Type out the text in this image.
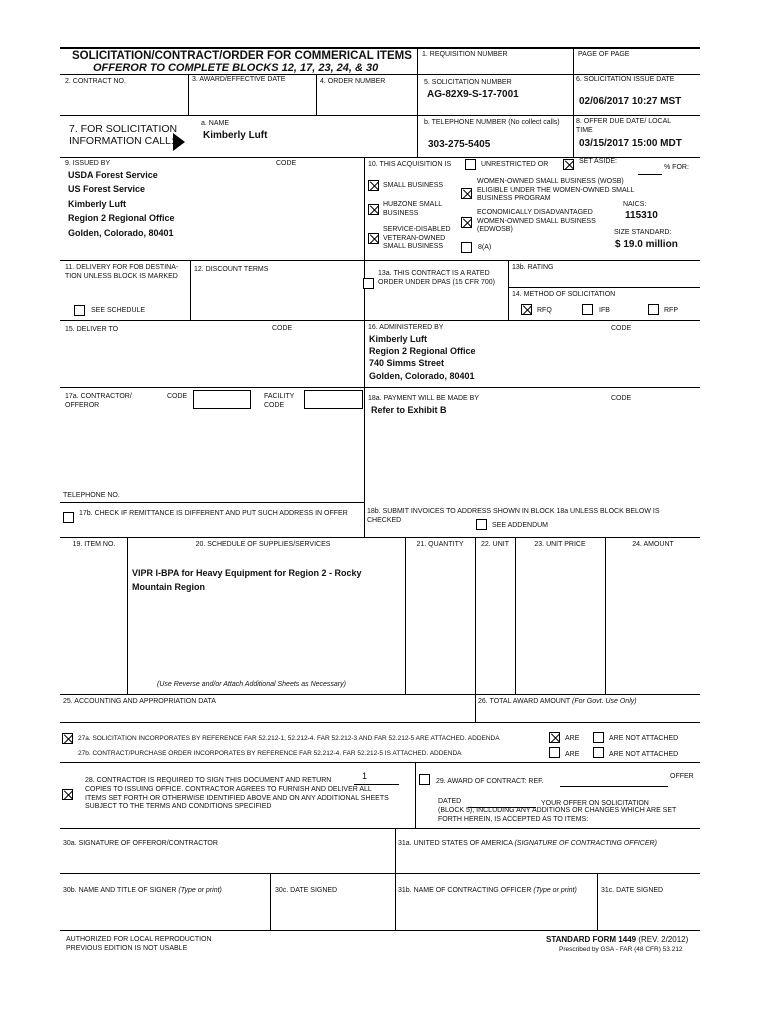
SOLICITATION/CONTRACT/ORDER FOR COMMERICAL ITEMS
OFFEROR TO COMPLETE BLOCKS 12, 17, 23, 24, & 30
1. REQUISITION NUMBER	PAGE OF PAGE
2. CONTRACT NO.	3. AWARD/EFFECTIVE DATE	4. ORDER NUMBER	5. SOLICITATION NUMBER
AG-82X9-S-17-7001
6. SOLICITATION ISSUE DATE
02/06/2017 10:27 MST
7. FOR SOLICITATION INFORMATION CALL:
a. NAME
Kimberly Luft
b. TELEPHONE NUMBER (No collect calls)
303-275-5405
8. OFFER DUE DATE/ LOCAL TIME
03/15/2017 15:00 MDT
9. ISSUED BY	CODE
USDA Forest Service
US Forest Service
Kimberly Luft
Region 2 Regional Office
Golden, Colorado, 80401
10. THIS ACQUISITION IS	UNRESTRICTED OR	SET ASIDE:
% FOR:
SMALL BUSINESS
HUBZONE SMALL BUSINESS
SERVICE-DISABLED VETERAN-OWNED SMALL BUSINESS
WOMEN-OWNED SMALL BUSINESS (WOSB) ELIGIBLE UNDER THE WOMEN-OWNED SMALL BUSINESS PROGRAM
ECONOMICALLY DISADVANTAGED WOMEN-OWNED SMALL BUSINESS (EDWOSB)
8(A)
NAICS:
115310
SIZE STANDARD:
$ 19.0 million
11. DELIVERY FOR FOB DESTINA-TION UNLESS BLOCK IS MARKED
SEE SCHEDULE
12. DISCOUNT TERMS
13a. THIS CONTRACT IS A RATED ORDER UNDER DPAS (15 CFR 700)
13b. RATING
14. METHOD OF SOLICITATION
RFQ	IFB	RFP
15. DELIVER TO	CODE	16. ADMINISTERED BY	CODE
Kimberly Luft
Region 2 Regional Office
740 Simms Street
Golden, Colorado, 80401
17a. CONTRACTOR/ OFFEROR
CODE	FACILITY CODE
18a. PAYMENT WILL BE MADE BY	CODE
Refer to Exhibit B
TELEPHONE NO.
17b. CHECK IF REMITTANCE IS DIFFERENT AND PUT SUCH ADDRESS IN OFFER	18b. SUBMIT INVOICES TO ADDRESS SHOWN IN BLOCK 18a UNLESS BLOCK BELOW IS CHECKED
SEE ADDENDUM
19. ITEM NO.	20. SCHEDULE OF SUPPLIES/SERVICES	21. QUANTITY	22. UNIT	23. UNIT PRICE	24. AMOUNT
VIPR I-BPA for Heavy Equipment for Region 2 - Rocky
Mountain Region
(Use Reverse and/or Attach Additional Sheets as Necessary)
25. ACCOUNTING AND APPROPRIATION DATA	26. TOTAL AWARD AMOUNT (For Govt. Use Only)
27a. SOLICITATION INCORPORATES BY REFERENCE FAR 52.212-1, 52.212-4. FAR 52.212-3 AND FAR 52.212-5 ARE ATTACHED. ADDENDA	ARE	ARE NOT ATTACHED
27b. CONTRACT/PURCHASE ORDER INCORPORATES BY REFERENCE FAR 52.212-4. FAR 52.212-5 IS ATTACHED. ADDENDA	ARE	ARE NOT ATTACHED
28. CONTRACTOR IS REQUIRED TO SIGN THIS DOCUMENT AND RETURN	1
COPIES TO ISSUING OFFICE. CONTRACTOR AGREES TO FURNISH AND DELIVER ALL ITEMS SET FORTH OR OTHERWISE IDENTIFIED ABOVE AND ON ANY ADDITIONAL SHEETS SUBJECT TO THE TERMS AND CONDITIONS SPECIFIED
29. AWARD OF CONTRACT: REF.
OFFER
DATED	YOUR OFFER ON SOLICITATION
(BLOCK 5), INCLUDING ANY ADDITIONS OR CHANGES WHICH ARE SET FORTH HEREIN, IS ACCEPTED AS TO ITEMS:
30a. SIGNATURE OF OFFEROR/CONTRACTOR	31a. UNITED STATES OF AMERICA (SIGNATURE OF CONTRACTING OFFICER)
30b. NAME AND TITLE OF SIGNER (Type or print)	30c. DATE SIGNED	31b. NAME OF CONTRACTING OFFICER (Type or print)	31c. DATE SIGNED
AUTHORIZED FOR LOCAL REPRODUCTION
PREVIOUS EDITION IS NOT USABLE
STANDARD FORM 1449 (REV. 2/2012)
Prescribed by GSA - FAR (48 CFR) 53.212
